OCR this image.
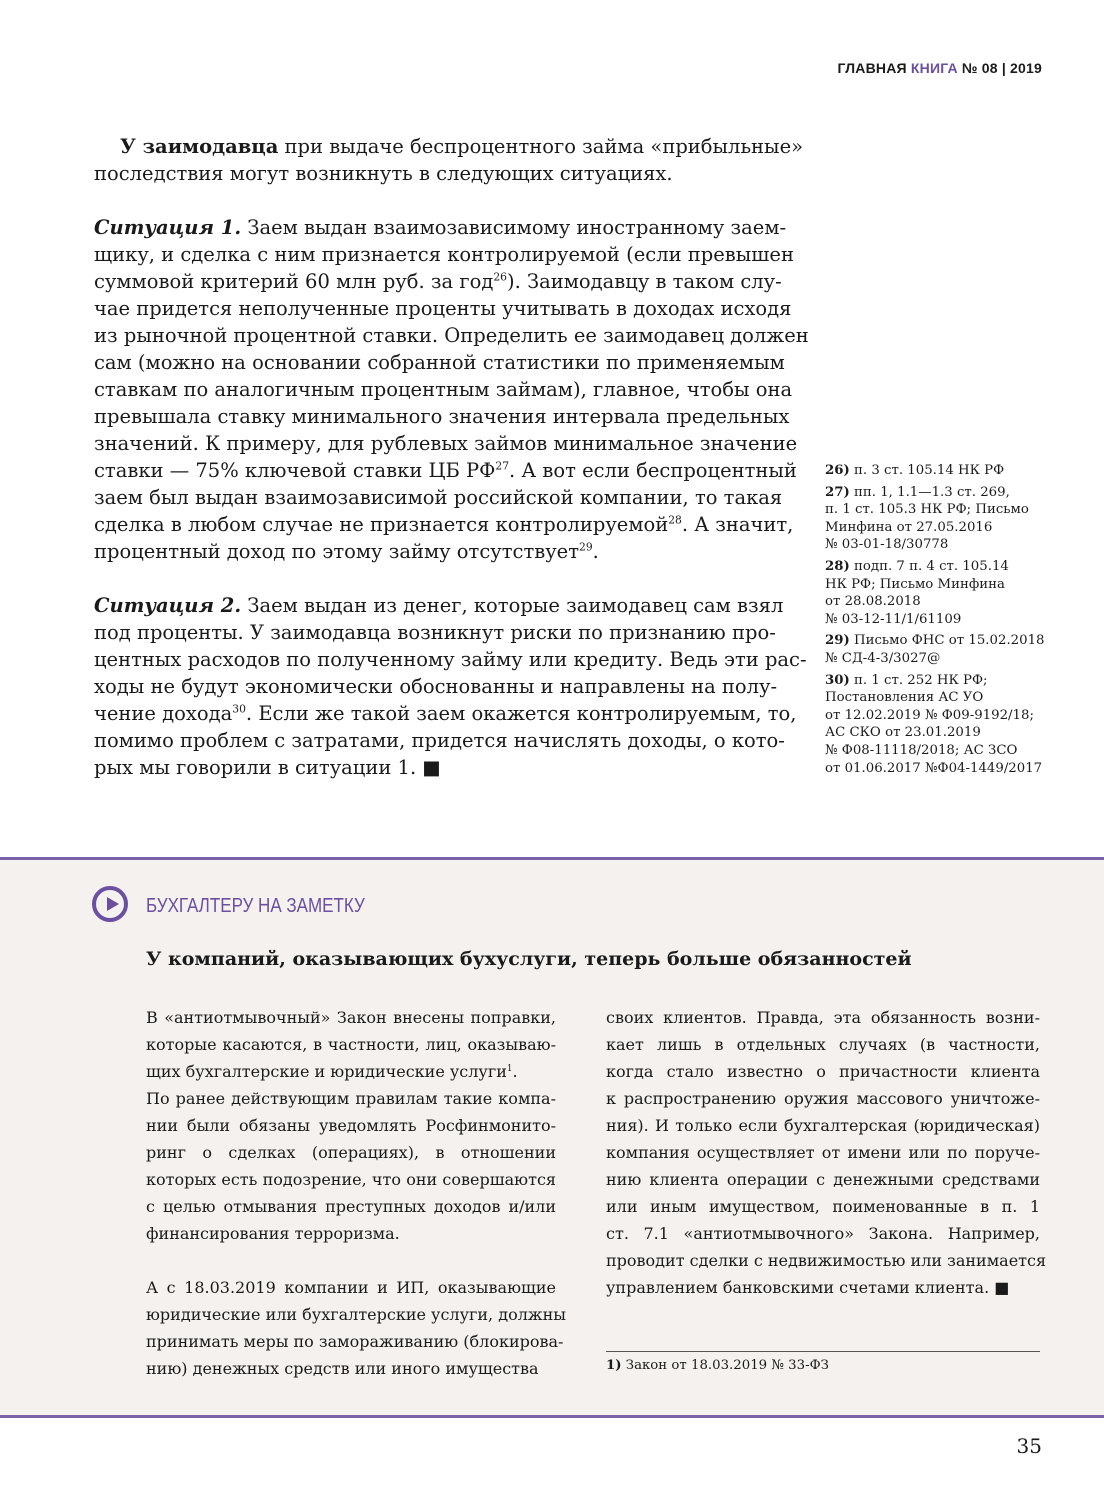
ГЛАВНАЯ КНИГА № 08 | 2019
У заимодавца при выдаче беспроцентного займа «прибыльные»
последствия могут возникнуть в следующих ситуациях.
Ситуация 1. Заем выдан взаимозависимому иностранному заем-
щику, и сделка с ним признается контролируемой (если превышен
суммовой критерий 60 млн руб. за год$^{26}$). Заимодавцу в таком слу-
чае придется неполученные проценты учитывать в доходах исходя
из рыночной процентной ставки. Определить ее заимодавец должен
сам (можно на основании собранной статистики по применяемым
ставкам по аналогичным процентным займам), главное, чтобы она
превышала ставку минимального значения интервала предельных
значений. К примеру, для рублевых займов минимальное значение
ставки — 75% ключевой ставки ЦБ РФ$^{27}$. А вот если беспроцентный
заем был выдан взаимозависимой российской компании, то такая
сделка в любом случае не признается контролируемой$^{28}$. А значит,
процентный доход по этому займу отсутствует$^{29}$.
Ситуация 2. Заем выдан из денег, которые заимодавец сам взял
под проценты. У заимодавца возникнут риски по признанию про-
центных расходов по полученному займу или кредиту. Ведь эти рас-
ходы не будут экономически обоснованны и направлены на полу-
чение дохода$^{30}$. Если же такой заем окажется контролируемым, то,
помимо проблем с затратами, придется начислять доходы, о кото-
рых мы говорили в ситуации 1. ■
26) п. 3 ст. 105.14 НК РФ
27) пп. 1, 1.1—1.3 ст. 269,
п. 1 ст. 105.3 НК РФ; Письмо
Минфина от 27.05.2016
№ 03-01-18/30778
28) подп. 7 п. 4 ст. 105.14
НК РФ; Письмо Минфина
от 28.08.2018
№ 03-12-11/1/61109
29) Письмо ФНС от 15.02.2018
№ СД-4-3/3027@
30) п. 1 ст. 252 НК РФ;
Постановления АС УО
от 12.02.2019 № Ф09-9192/18;
АС СКО от 23.01.2019
№ Ф08-11118/2018; АС ЗСО
от 01.06.2017 №Ф04-1449/2017
БУХГАЛТЕРУ НА ЗАМЕТКУ
У компаний, оказывающих бухуслуги, теперь больше обязанностей
В «антиотмывочный» Закон внесены поправки,
которые касаются, в частности, лиц, оказываю-
щих бухгалтерские и юридические услуги$^1$.
По ранее действующим правилам такие компа-
нии были обязаны уведомлять Росфинмонито-
ринг о сделках (операциях), в отношении
которых есть подозрение, что они совершаются
с целью отмывания преступных доходов и/или
финансирования терроризма.
А с 18.03.2019 компании и ИП, оказывающие
юридические или бухгалтерские услуги, должны
принимать меры по замораживанию (блокирова-
нию) денежных средств или иного имущества
своих клиентов. Правда, эта обязанность возни-
кает лишь в отдельных случаях (в частности,
когда стало известно о причастности клиента
к распространению оружия массового уничтоже-
ния). И только если бухгалтерская (юридическая)
компания осуществляет от имени или по поруче-
нию клиента операции с денежными средствами
или иным имуществом, поименованные в п. 1
ст. 7.1 «антиотмывочного» Закона. Например,
проводит сделки с недвижимостью или занимается
управлением банковскими счетами клиента. ■
1) Закон от 18.03.2019 № 33-ФЗ
35
